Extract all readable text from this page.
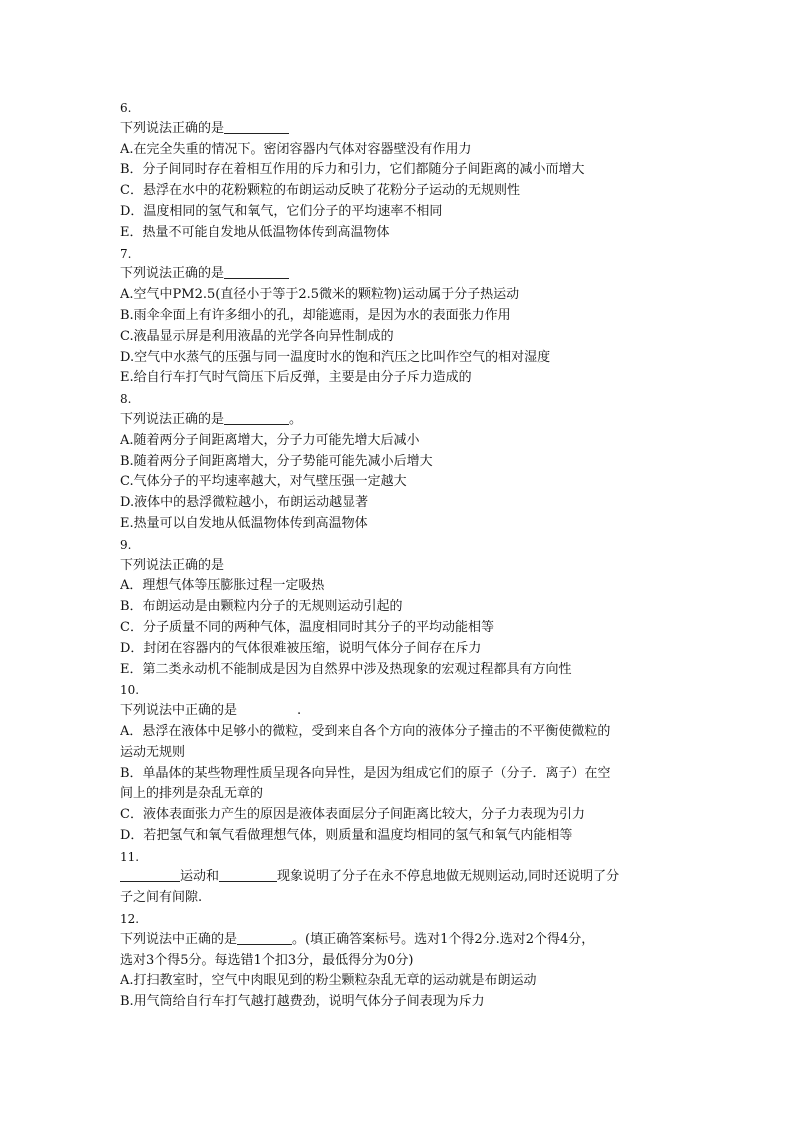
6.
下列说法正确的是
A.在完全失重的情况下。密闭容器内气体对容器壁没有作用力
B．分子间同时存在着相互作用的斥力和引力，它们都随分子间距离的减小而增大
C．悬浮在水中的花粉颗粒的布朗运动反映了花粉分子运动的无规则性
D．温度相同的氢气和氧气，它们分子的平均速率不相同
E．热量不可能自发地从低温物体传到高温物体
7.
下列说法正确的是
A.空气中PM2.5(直径小于等于2.5微米的颗粒物)运动属于分子热运动
B.雨伞伞面上有许多细小的孔，却能遮雨，是因为水的表面张力作用
C.液晶显示屏是利用液晶的光学各向异性制成的
D.空气中水蒸气的压强与同一温度时水的饱和汽压之比叫作空气的相对湿度
E.给自行车打气时气筒压下后反弹，主要是由分子斥力造成的
8.
下列说法正确的是	。
A.随着两分子间距离增大，分子力可能先增大后减小
B.随着两分子间距离增大，分子势能可能先减小后增大
C.气体分子的平均速率越大，对气壁压强一定越大
D.液体中的悬浮微粒越小，布朗运动越显著
E.热量可以自发地从低温物体传到高温物体
9.
下列说法正确的是
A．理想气体等压膨胀过程一定吸热
B．布朗运动是由颗粒内分子的无规则运动引起的
C．分子质量不同的两种气体，温度相同时其分子的平均动能相等
D．封闭在容器内的气体很难被压缩，说明气体分子间存在斥力
E．第二类永动机不能制成是因为自然界中涉及热现象的宏观过程都具有方向性
10.
下列说法中正确的是	.
A．悬浮在液体中足够小的微粒，受到来自各个方向的液体分子撞击的不平衡使微粒的
运动无规则
B．单晶体的某些物理性质呈现各向异性，是因为组成它们的原子（分子．离子）在空
间上的排列是杂乱无章的
C．液体表面张力产生的原因是液体表面层分子间距离比较大，分子力表现为引力
D．若把氢气和氧气看做理想气体，则质量和温度均相同的氢气和氧气内能相等
11.
运动和	现象说明了分子在永不停息地做无规则运动,同时还说明了分
子之间有间隙.
12.
下列说法中正确的是	。(填正确答案标号。选对1个得2分.选对2个得4分，
选对3个得5分。每选错1个扣3分，最低得分为0分)
A.打扫教室时，空气中肉眼见到的粉尘颗粒杂乱无章的运动就是布朗运动
B.用气筒给自行车打气越打越费劲，说明气体分子间表现为斥力
